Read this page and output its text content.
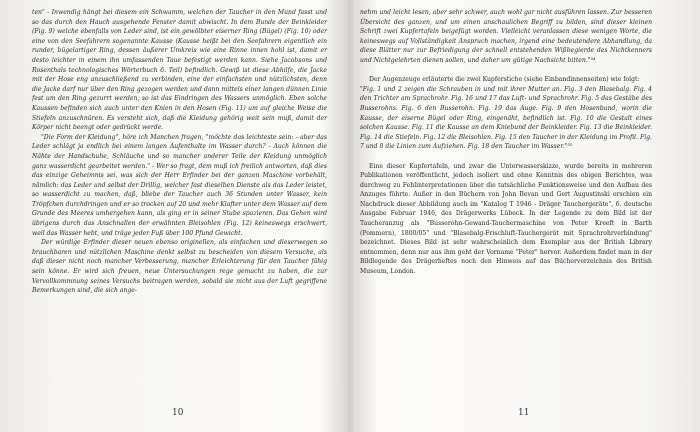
ten" - Inwendig hängt bei diesem ein Schwamm, welchen der Taucher in den Mund fasst und so das durch den Hauch ausgehende Fenster damit abwischt. In dem Bunde der Beinkleider (Fig. 9) welche ebenfalls von Leder sind, ist ein gewölbter eiserner Ring (Bügel) (Fig. 10) oder eine von den Seefahrern sogenannte Kausse (Kausse heißt bei den Seefahrern eigentlich ein runder, bügelartiger Ring, dessen äußerer Umkreis wie eine Rinne innen hohl ist, damit er desto leichter in einem ihn umfassenden Taue befestigt werden kann. Siehe Jacobsons und Rosenthals technologisches Wörterbuch 6. Teil) befindlich. Gewiß ist diese Abhilfe, die Jacke mit der Hose eng anzuschließend zu verbinden, eine der einfachsten und nützlichsten, denn die Jacke darf nur über den Ring gezogen werden und dann mittels einer langen dünnen Linie fest um den Ring gezurrt werden, so ist das Eindringen des Wassers unmöglich. Eben solche Kaussen befinden sich auch unter den Knien in den Hosen (Fig. 11) um auf gleiche Weise die Stiefeln anzuschnüren. Es versteht sich, daß die Kleidung gehörig weit sein muß, damit der Körper nicht beengt oder gedrückt werde.

"Die Form der Kleidung", höre ich Manchen fragen, "möchte das leichteste sein: - aber das Leder schlägt ja endlich bei einem langen Aufenthalte im Wasser durch? - Auch können die Nähte der Handschuhe, Schläuche und so mancher anderer Teile der Kleidung unmöglich ganz wasserdicht gearbeitet werden." - Wer so fragt, dem muß ich freilich antworten, daß dies das einzige Geheimnis sei, was sich der Herr Erfinder bei der ganzen Maschine vorbehält, nämlich: das Leder und selbst der Drillig, welcher fast dieselben Dienste als das Leder leistet, so wasserdicht zu machen, daß, bliebe der Taucher auch 36 Stunden unter Wasser, kein Tröpfchen durchdringen und er so trocken auf 20 und mehr Klafter unter dem Wasser auf dem Grunde des Meeres umhergehen kann, als ging er in seiner Stube spazieren. Das Gehen wird übrigens durch das Anschnallen der erwähnten Bleisohlen (Fig. 12) keineswegs erschwert, weil das Wasser hebt, und träge jeder Fuß über 100 Pfund Gewicht.

Der würdige Erfinder dieser neuen ebenso originellen, als einfachen und dieserwegen so brauchbaren und nützlichen Maschine denkt selbst zu bescheiden von diesem Versuche, als daß dieser nicht noch mancher Verbesserung, mancher Erleichterung für den Taucher fähig sein könne. Er wird sich freuen, neue Untersuchungen rege gemacht zu haben, die zur Vervollkommnung seines Versuchs beitragen werden, sobald sie nicht aus der Luft gegriffene Bemerkungen sind, die sich ange-

10

nehm und leicht lesen, aber sehr schwer, auch wohl gar nicht ausführen lassen. Zur besseren Übersicht des ganzen, und um einen anschaulichen Begriff zu bilden, sind dieser kleinen Schrift zwei Kupfertafeln beigefügt worden. Vielleicht veranlassen diese wenigen Worte, die keineswegs auf Vollständigkeit Anspruch machen, irgend eine bedeutendere Abhandlung, da diese Blätter nur zur Befriedigung der schnell entstehenden Wißbegierde des Nichtkenners und Nichtgelehrten dienen sollen, und daher um gütige Nachsicht bitten."³⁴

Der Augenzeuge erläuterte die zwei Kupferstiche (siehe Einbandinnenseiten) wie folgt:

"Fig. 1 und 2 zeigen die Schrauben in und mit ihrer Mutter an. Fig. 3 den Blasebalg. Fig. 4 den Trichter am Sprachrohr. Fig. 16 und 17 das Luft- und Sprachrohr. Fig. 5 das Gestäbe des Busserohns. Fig. 6 den Busserohn. Fig. 19 das Auge. Fig. 9 den Hosenbund, worin die Kausse, der eiserne Bügel oder Ring, eingenäht, befindlich ist. Fig. 10 die Gestalt eines solchen Kausse. Fig. 11 die Kausse an dem Kniebund der Beinkleider. Fig. 13 die Beinkleider. Fig. 14 die Stiefeln. Fig. 12 die Bleisohlen. Fig. 15 den Taucher in der Kleidung im Profil. Fig. 7 und 8 die Linien zum Aufziehen. Fig. 18 den Taucher im Wasser."³⁵

Eine dieser Kupfertafeln, und zwar die Unterwasserskizze, wurde bereits in mehreren Publikationen veröffentlicht, jedoch isoliert und ohne Kenntnis des obigen Berichtes, was durchweg zu Fehlinterpretationen über die tatsächliche Funktionsweise und den Aufbau des Anzuges führte. Außer in den Büchern von John Bevan und Gert Augustinski erschien ein Nachdruck dieser Abbildung auch im "Katalog T 1946 - Dräger Tauchergeräte", 6. deutsche Ausgabe Februar 1946, des Drägerwerks Lübeck. In der Legende zu dem Bild ist der Taucheranzug als "Busserohn-Gewand-Tauchermaschine von Peter Kreeft in Barth (Pommern), 1800/05" und "Blasebalg-Frischluft-Tauchergerät mit Sprachrohrverbindung" bezeichnet. Dieses Bild ist sehr wahrscheinlich dem Exemplar aus der British Library entnommen, denn nur aus ihm geht der Vorname "Peter" hervor. Außerdem findet man in der Bildlegende des Drägerheftes noch den Hinweis auf das Bücherverzeichnis des British Museum, London.

11
